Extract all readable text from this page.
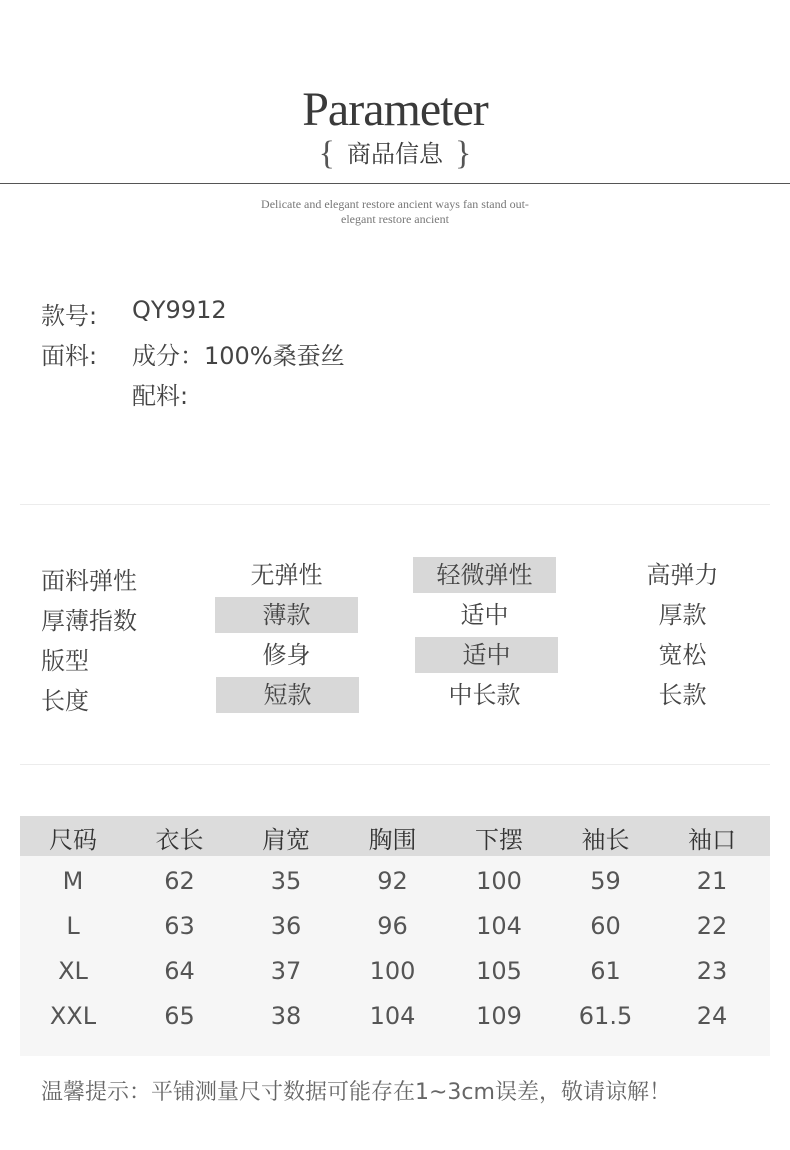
Parameter
{ 商品信息 }
Delicate and elegant restore ancient ways fan stand out-
elegant restore ancient
款号: QY9912
面料: 成分：100%桑蚕丝
配料:
面料弹性	无弹性	轻微弹性	高弹力
厚薄指数	薄款	适中	厚款
版型	修身	适中	宽松
长度	短款	中长款	长款
尺码	衣长	肩宽	胸围	下摆	袖长	袖口
M	62	35	92	100	59	21
L	63	36	96	104	60	22
XL	64	37	100	105	61	23
XXL	65	38	104	109	61.5	24
温馨提示：平铺测量尺寸数据可能存在1~3cm误差，敬请谅解！
